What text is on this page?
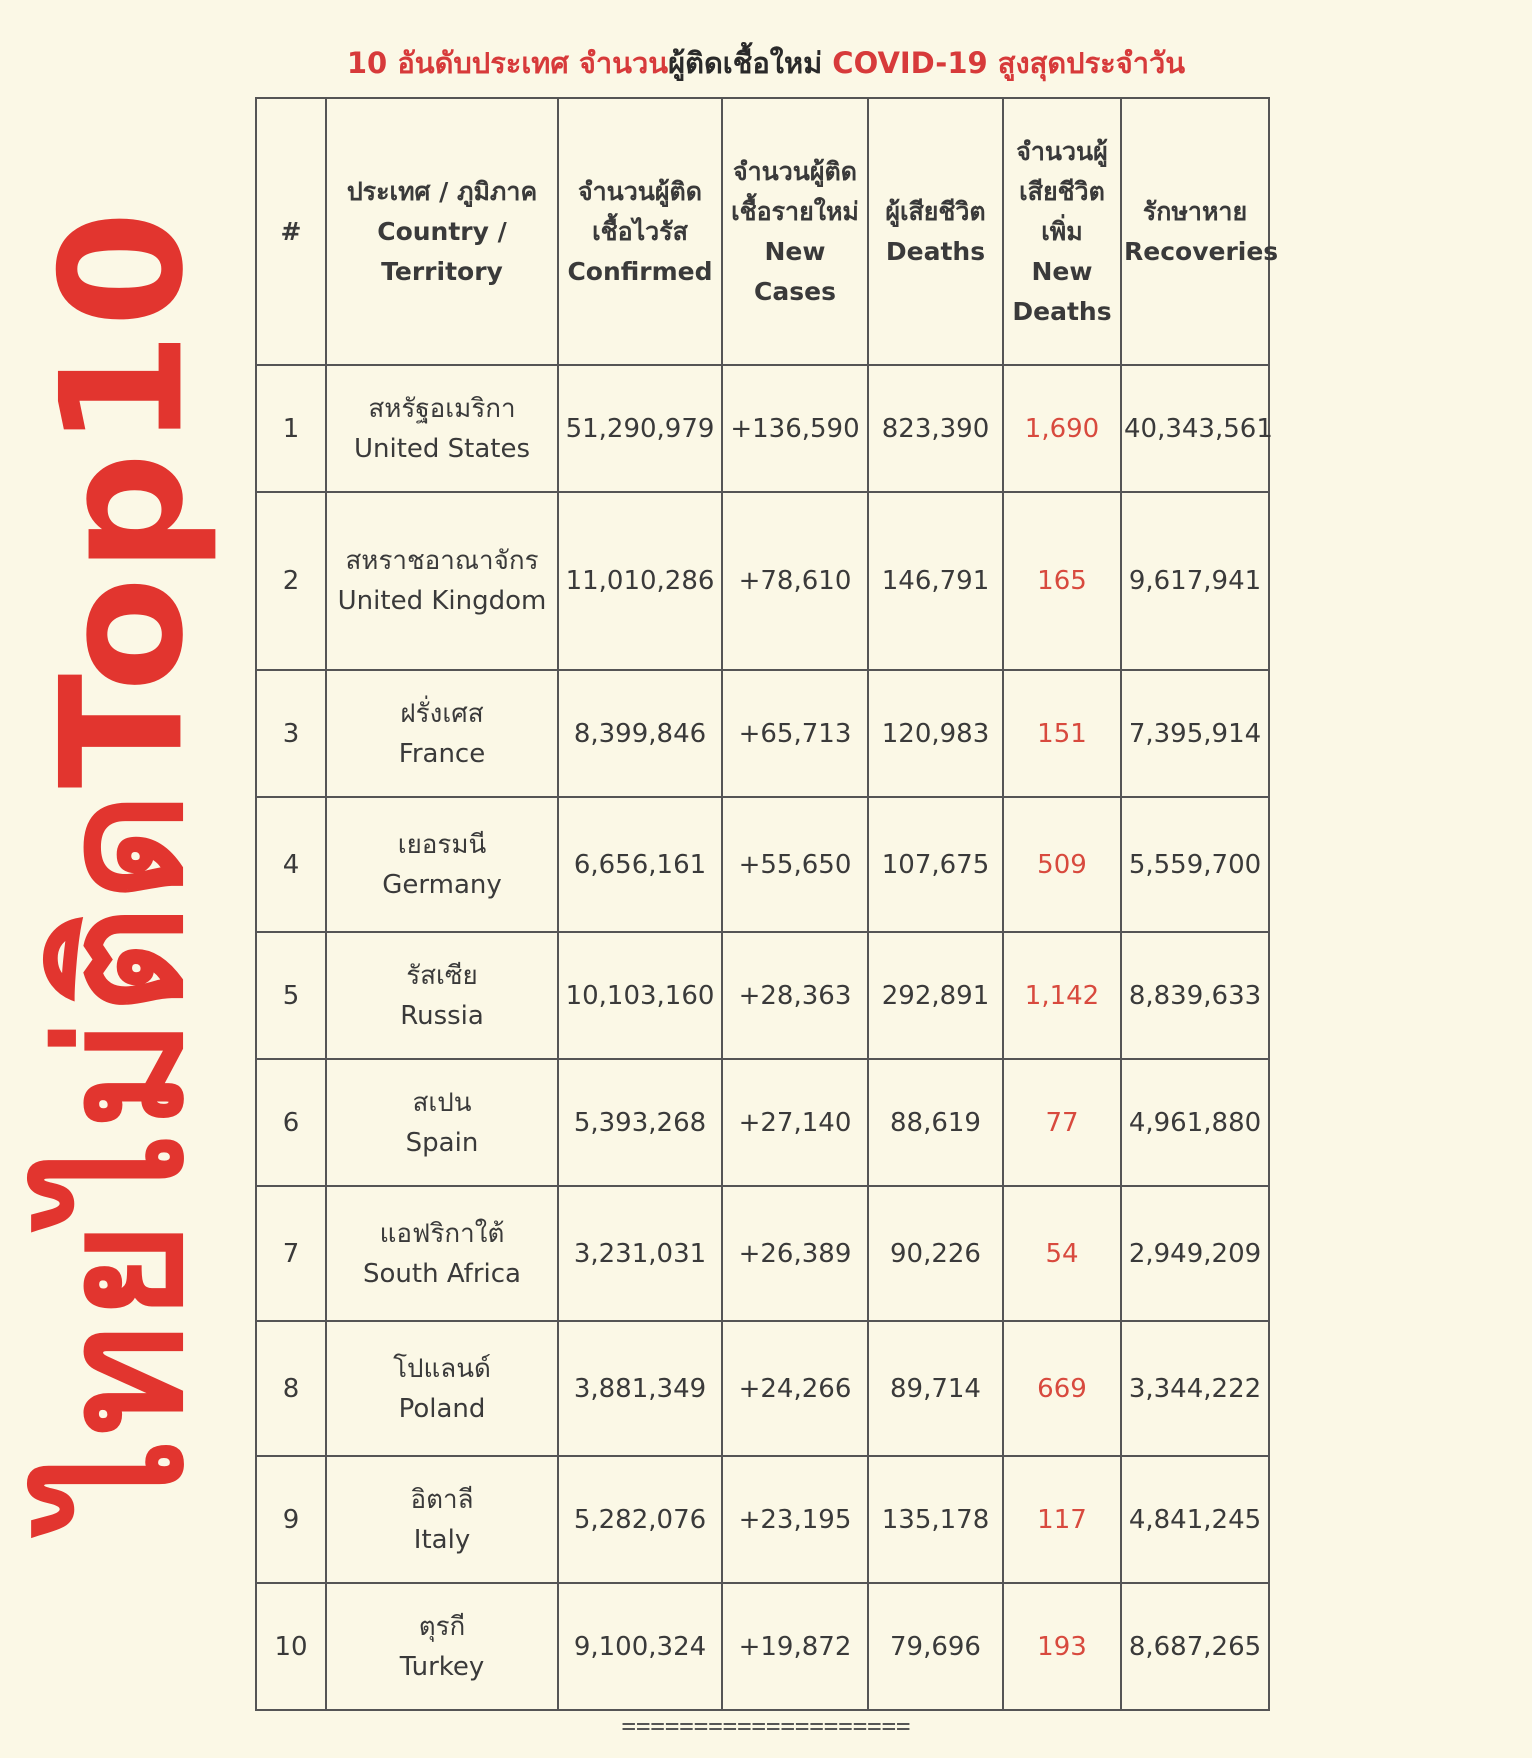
10 อันดับประเทศ จำนวนผู้ติดเชื้อใหม่ COVID-19 สูงสุดประจำวัน
ไทยไม่ติดTop10 #	ประเทศ / ภูมิภาค
Country / Territory	จำนวนผู้ติดเชื้อไวรัส
Confirmed	จำนวนผู้ติดเชื้อรายใหม่
New Cases	ผู้เสียชีวิต
Deaths	จำนวนผู้เสียชีวิตเพิ่ม
New Deaths	รักษาหาย
Recoveries

1	สหรัฐอเมริกา
United States	51,290,979	+136,590	823,390	1,690	40,343,561
2	สหราชอาณาจักร
United Kingdom	11,010,286	+78,610	146,791	165	9,617,941
3	ฝรั่งเศส
France	8,399,846	+65,713	120,983	151	7,395,914
4	เยอรมนี
Germany	6,656,161	+55,650	107,675	509	5,559,700
5	รัสเซีย
Russia	10,103,160	+28,363	292,891	1,142	8,839,633
6	สเปน
Spain	5,393,268	+27,140	88,619	77	4,961,880
7	แอฟริกาใต้
South Africa	3,231,031	+26,389	90,226	54	2,949,209
8	โปแลนด์
Poland	3,881,349	+24,266	89,714	669	3,344,222
9	อิตาลี
Italy	5,282,076	+23,195	135,178	117	4,841,245
10	ตุรกี
Turkey	9,100,324	+19,872	79,696	193	8,687,265
====================
